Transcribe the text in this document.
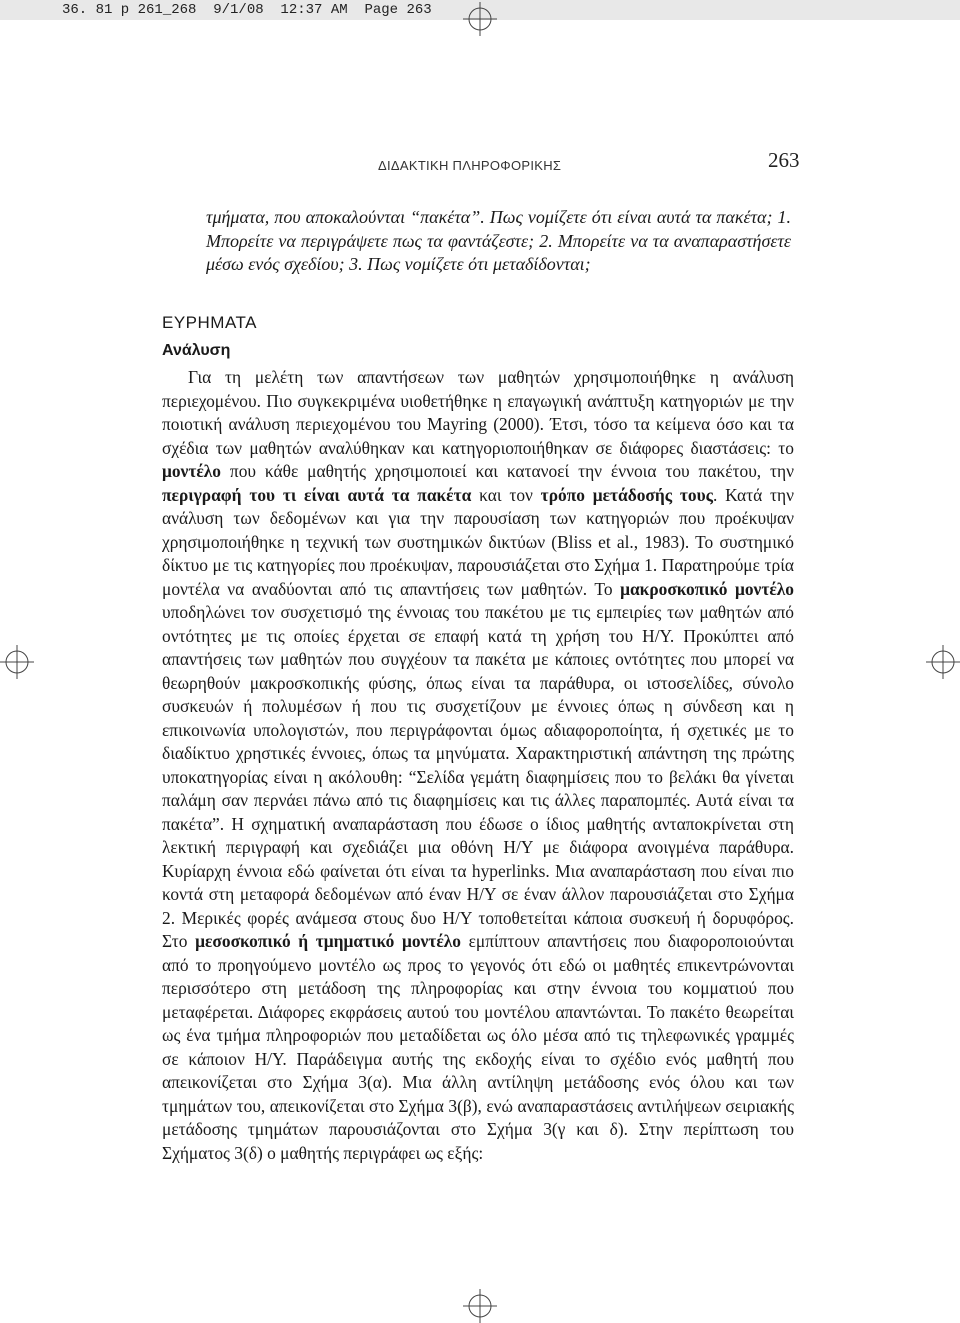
36. 81 p 261_268  9/1/08  12:37 AM  Page 263
ΔΙΔΑΚΤΙΚΗ ΠΛΗΡΟΦΟΡΙΚΗΣ	263

τμήματα, που αποκαλούνται “πακέτα”. Πως νομίζετε ότι είναι αυτά τα πακέτα; 1. Μπορείτε να περιγράψετε πως τα φαντάζεστε; 2. Μπορείτε να τα αναπαραστήσετε μέσω ενός σχεδίου; 3. Πως νομίζετε ότι μεταδίδονται;

ΕΥΡΗΜΑΤΑ
Ανάλυση

Για τη μελέτη των απαντήσεων των μαθητών χρησιμοποιήθηκε η ανάλυση περιεχομένου. Πιο συγκεκριμένα υιοθετήθηκε η επαγωγική ανάπτυξη κατηγοριών με την ποιοτική ανάλυση περιεχομένου του Mayring (2000). Έτσι, τόσο τα κείμενα όσο και τα σχέδια των μαθητών αναλύθηκαν και κατηγοριοποιήθηκαν σε διάφορες διαστάσεις: το μοντέλο που κάθε μαθητής χρησιμοποιεί και κατανοεί την έννοια του πακέτου, την περιγραφή του τι είναι αυτά τα πακέτα και τον τρόπο μετάδοσής τους. Κατά την ανάλυση των δεδομένων και για την παρουσίαση των κατηγοριών που προέκυψαν χρησιμοποιήθηκε η τεχνική των συστημικών δικτύων (Bliss et al., 1983). Το συστημικό δίκτυο με τις κατηγορίες που προέκυψαν, παρουσιάζεται στο Σχήμα 1. Παρατηρούμε τρία μοντέλα να αναδύονται από τις απαντήσεις των μαθητών. Το μακροσκοπικό μοντέλο υποδηλώνει τον συσχετισμό της έννοιας του πακέτου με τις εμπειρίες των μαθητών από οντότητες με τις οποίες έρχεται σε επαφή κατά τη χρήση του Η/Υ. Προκύπτει από απαντήσεις των μαθητών που συγχέουν τα πακέτα με κάποιες οντότητες που μπορεί να θεωρηθούν μακροσκοπικής φύσης, όπως είναι τα παράθυρα, οι ιστοσελίδες, σύνολο συσκευών ή πολυμέσων ή που τις συσχετίζουν με έννοιες όπως η σύνδεση και η επικοινωνία υπολογιστών, που περιγράφονται όμως αδιαφοροποίητα, ή σχετικές με το διαδίκτυο χρηστικές έννοιες, όπως τα μηνύματα. Χαρακτηριστική απάντηση της πρώτης υποκατηγορίας είναι η ακόλουθη: “Σελίδα γεμάτη διαφημίσεις που το βελάκι θα γίνεται παλάμη σαν περνάει πάνω από τις διαφημίσεις και τις άλλες παραπομπές. Αυτά είναι τα πακέτα”. Η σχηματική αναπαράσταση που έδωσε ο ίδιος μαθητής ανταποκρίνεται στη λεκτική περιγραφή και σχεδιάζει μια οθόνη Η/Υ με διάφορα ανοιγμένα παράθυρα. Κυρίαρχη έννοια εδώ φαίνεται ότι είναι τα hyperlinks. Μια αναπαράσταση που είναι πιο κοντά στη μεταφορά δεδομένων από έναν Η/Υ σε έναν άλλον παρουσιάζεται στο Σχήμα 2. Μερικές φορές ανάμεσα στους δυο Η/Υ τοποθετείται κάποια συσκευή ή δορυφόρος. Στο μεσοσκοπικό ή τμηματικό μοντέλο εμπίπτουν απαντήσεις που διαφοροποιούνται από το προηγούμενο μοντέλο ως προς το γεγονός ότι εδώ οι μαθητές επικεντρώνονται περισσότερο στη μετάδοση της πληροφορίας και στην έννοια του κομματιού που μεταφέρεται. Διάφορες εκφράσεις αυτού του μοντέλου απαντώνται. Το πακέτο θεωρείται ως ένα τμήμα πληροφοριών που μεταδίδεται ως όλο μέσα από τις τηλεφωνικές γραμμές σε κάποιον Η/Υ. Παράδειγμα αυτής της εκδοχής είναι το σχέδιο ενός μαθητή που απεικονίζεται στο Σχήμα 3(α). Μια άλλη αντίληψη μετάδοσης ενός όλου και των τμημάτων του, απεικονίζεται στο Σχήμα 3(β), ενώ αναπαραστάσεις αντιλήψεων σειριακής μετάδοσης τμημάτων παρουσιάζονται στο Σχήμα 3(γ και δ). Στην περίπτωση του Σχήματος 3(δ) ο μαθητής περιγράφει ως εξής:
